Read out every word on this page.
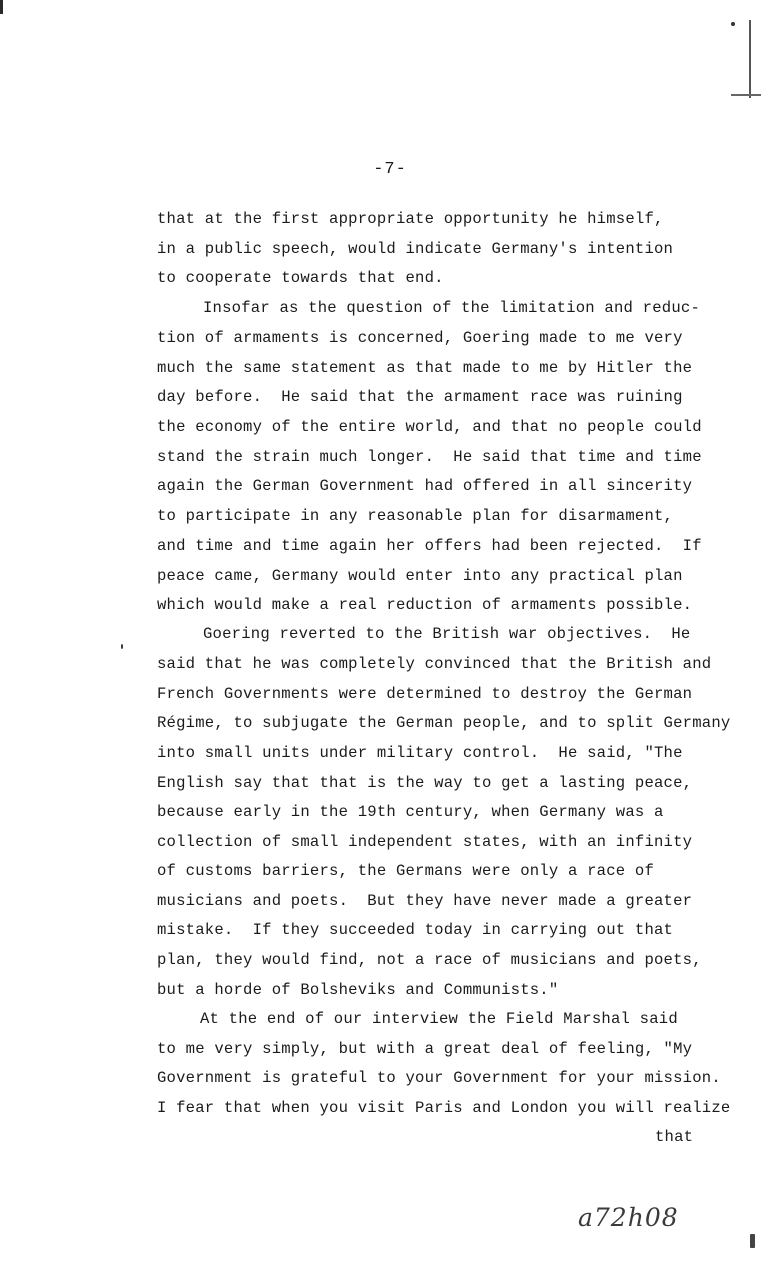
-7-
that at the first appropriate opportunity he himself,
in a public speech, would indicate Germany's intention
to cooperate towards that end.
Insofar as the question of the limitation and reduc-
tion of armaments is concerned, Goering made to me very
much the same statement as that made to me by Hitler the
day before.  He said that the armament race was ruining
the economy of the entire world, and that no people could
stand the strain much longer.  He said that time and time
again the German Government had offered in all sincerity
to participate in any reasonable plan for disarmament,
and time and time again her offers had been rejected.  If
peace came, Germany would enter into any practical plan
which would make a real reduction of armaments possible.
Goering reverted to the British war objectives.  He
said that he was completely convinced that the British and
French Governments were determined to destroy the German
Régime, to subjugate the German people, and to split Germany
into small units under military control.  He said, "The
English say that that is the way to get a lasting peace,
because early in the 19th century, when Germany was a
collection of small independent states, with an infinity
of customs barriers, the Germans were only a race of
musicians and poets.  But they have never made a greater
mistake.  If they succeeded today in carrying out that
plan, they would find, not a race of musicians and poets,
but a horde of Bolsheviks and Communists."
At the end of our interview the Field Marshal said
to me very simply, but with a great deal of feeling, "My
Government is grateful to your Government for your mission.
I fear that when you visit Paris and London you will realize
that
a72h08
